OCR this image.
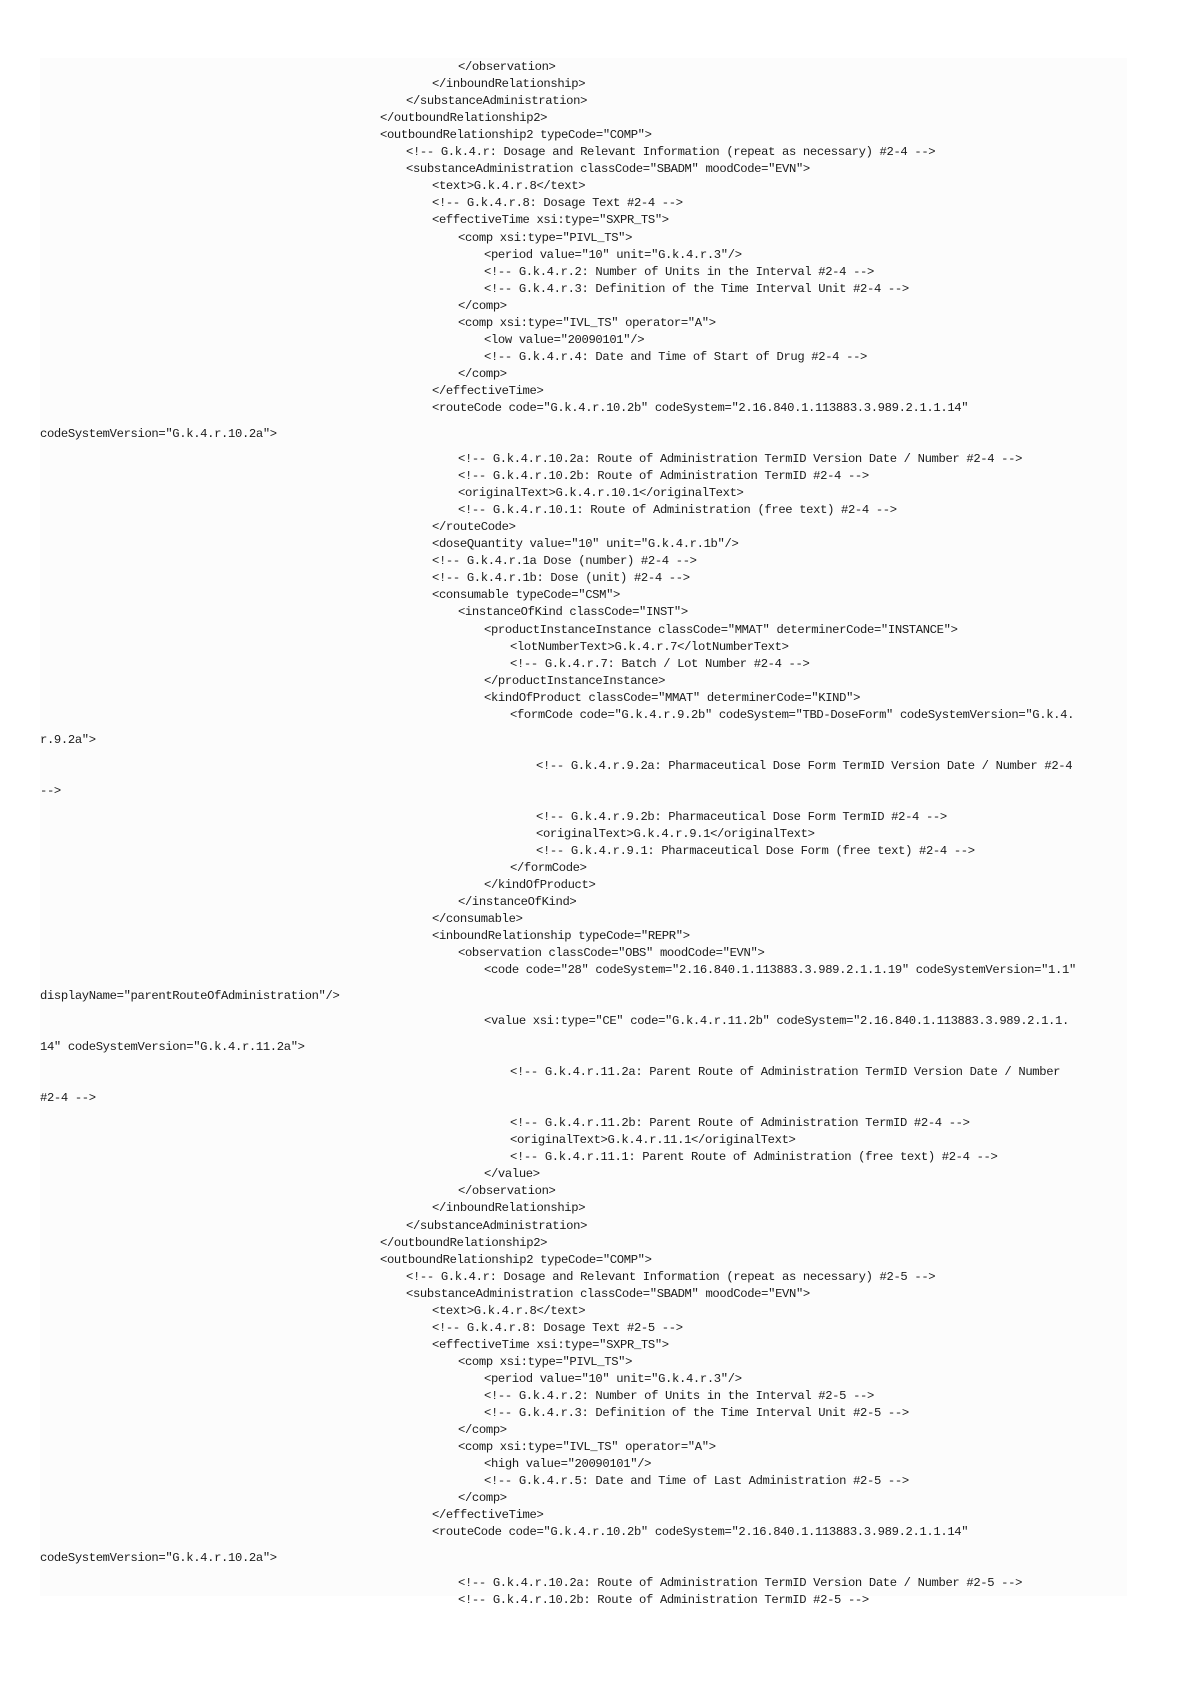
</observation>
</inboundRelationship>
</substanceAdministration>
</outboundRelationship2>
<outboundRelationship2 typeCode="COMP">
<!-- G.k.4.r: Dosage and Relevant Information (repeat as necessary) #2-4 -->
<substanceAdministration classCode="SBADM" moodCode="EVN">
<text>G.k.4.r.8</text>
<!-- G.k.4.r.8: Dosage Text #2-4 -->
<effectiveTime xsi:type="SXPR_TS">
<comp xsi:type="PIVL_TS">
<period value="10" unit="G.k.4.r.3"/>
<!-- G.k.4.r.2: Number of Units in the Interval #2-4 -->
<!-- G.k.4.r.3: Definition of the Time Interval Unit #2-4 -->
</comp>
<comp xsi:type="IVL_TS" operator="A">
<low value="20090101"/>
<!-- G.k.4.r.4: Date and Time of Start of Drug #2-4 -->
</comp>
</effectiveTime>
<routeCode code="G.k.4.r.10.2b" codeSystem="2.16.840.1.113883.3.989.2.1.1.14"
codeSystemVersion="G.k.4.r.10.2a">
<!-- G.k.4.r.10.2a: Route of Administration TermID Version Date / Number #2-4 -->
<!-- G.k.4.r.10.2b: Route of Administration TermID #2-4 -->
<originalText>G.k.4.r.10.1</originalText>
<!-- G.k.4.r.10.1: Route of Administration (free text) #2-4 -->
</routeCode>
<doseQuantity value="10" unit="G.k.4.r.1b"/>
<!-- G.k.4.r.1a Dose (number) #2-4 -->
<!-- G.k.4.r.1b: Dose (unit) #2-4 -->
<consumable typeCode="CSM">
<instanceOfKind classCode="INST">
<productInstanceInstance classCode="MMAT" determinerCode="INSTANCE">
<lotNumberText>G.k.4.r.7</lotNumberText>
<!-- G.k.4.r.7: Batch / Lot Number #2-4 -->
</productInstanceInstance>
<kindOfProduct classCode="MMAT" determinerCode="KIND">
<formCode code="G.k.4.r.9.2b" codeSystem="TBD-DoseForm" codeSystemVersion="G.k.4.
r.9.2a">
<!-- G.k.4.r.9.2a: Pharmaceutical Dose Form TermID Version Date / Number #2-4
-->
<!-- G.k.4.r.9.2b: Pharmaceutical Dose Form TermID #2-4 -->
<originalText>G.k.4.r.9.1</originalText>
<!-- G.k.4.r.9.1: Pharmaceutical Dose Form (free text) #2-4 -->
</formCode>
</kindOfProduct>
</instanceOfKind>
</consumable>
<inboundRelationship typeCode="REPR">
<observation classCode="OBS" moodCode="EVN">
<code code="28" codeSystem="2.16.840.1.113883.3.989.2.1.1.19" codeSystemVersion="1.1"
displayName="parentRouteOfAdministration"/>
<value xsi:type="CE" code="G.k.4.r.11.2b" codeSystem="2.16.840.1.113883.3.989.2.1.1.
14" codeSystemVersion="G.k.4.r.11.2a">
<!-- G.k.4.r.11.2a: Parent Route of Administration TermID Version Date / Number
#2-4 -->
<!-- G.k.4.r.11.2b: Parent Route of Administration TermID #2-4 -->
<originalText>G.k.4.r.11.1</originalText>
<!-- G.k.4.r.11.1: Parent Route of Administration (free text) #2-4 -->
</value>
</observation>
</inboundRelationship>
</substanceAdministration>
</outboundRelationship2>
<outboundRelationship2 typeCode="COMP">
<!-- G.k.4.r: Dosage and Relevant Information (repeat as necessary) #2-5 -->
<substanceAdministration classCode="SBADM" moodCode="EVN">
<text>G.k.4.r.8</text>
<!-- G.k.4.r.8: Dosage Text #2-5 -->
<effectiveTime xsi:type="SXPR_TS">
<comp xsi:type="PIVL_TS">
<period value="10" unit="G.k.4.r.3"/>
<!-- G.k.4.r.2: Number of Units in the Interval #2-5 -->
<!-- G.k.4.r.3: Definition of the Time Interval Unit #2-5 -->
</comp>
<comp xsi:type="IVL_TS" operator="A">
<high value="20090101"/>
<!-- G.k.4.r.5: Date and Time of Last Administration #2-5 -->
</comp>
</effectiveTime>
<routeCode code="G.k.4.r.10.2b" codeSystem="2.16.840.1.113883.3.989.2.1.1.14"
codeSystemVersion="G.k.4.r.10.2a">
<!-- G.k.4.r.10.2a: Route of Administration TermID Version Date / Number #2-5 -->
<!-- G.k.4.r.10.2b: Route of Administration TermID #2-5 -->
